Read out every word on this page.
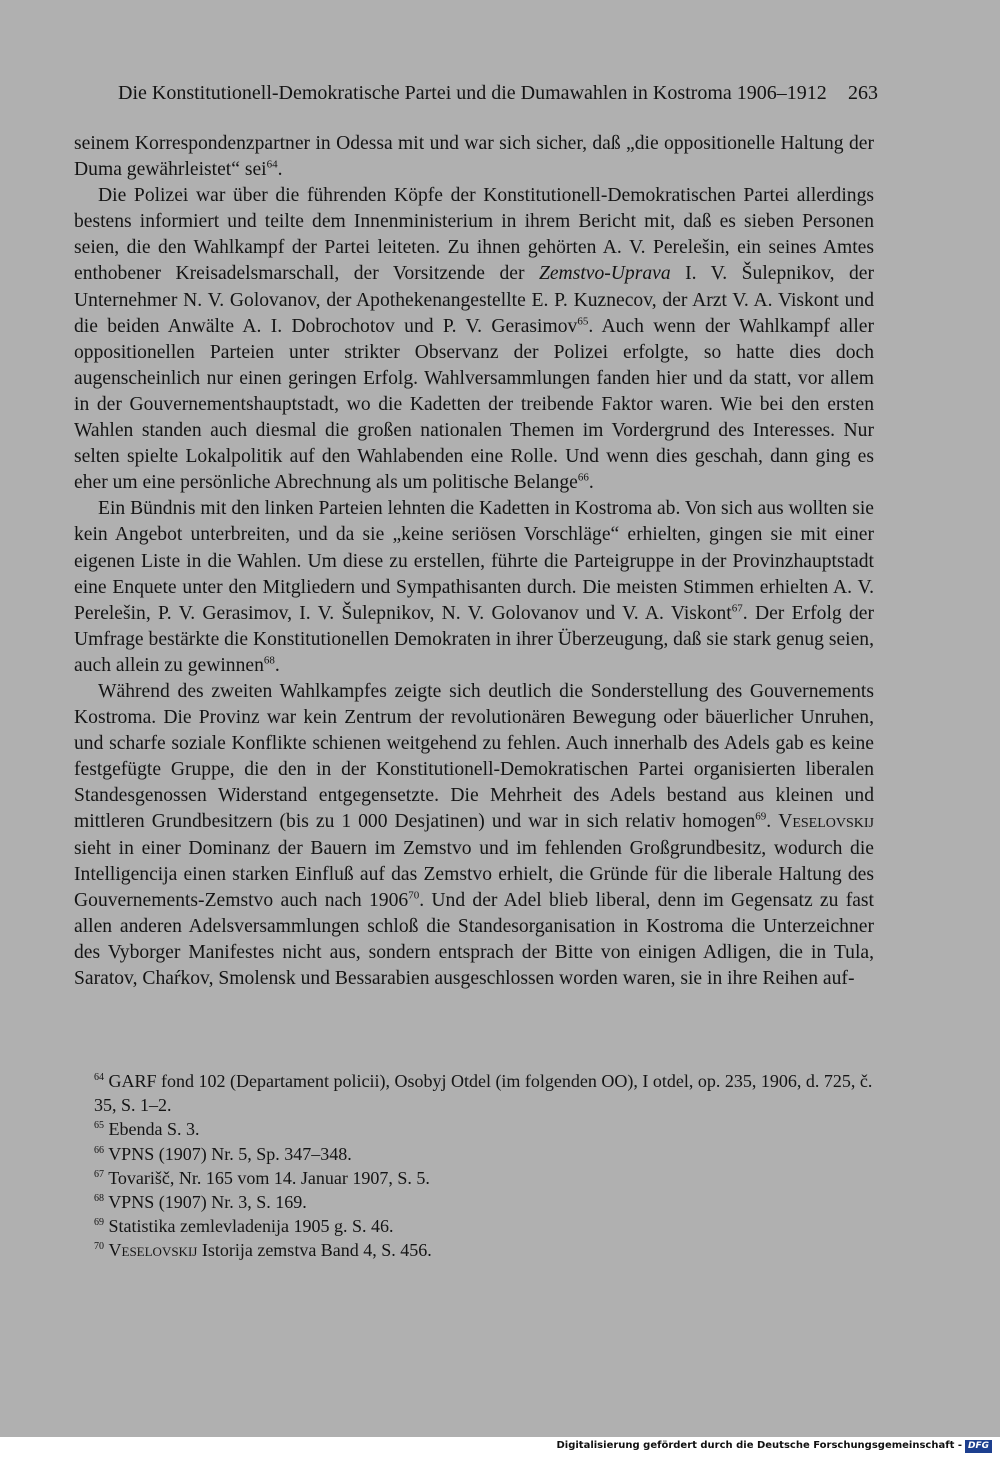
Die Konstitutionell-Demokratische Partei und die Dumawahlen in Kostroma 1906–1912 263

seinem Korrespondenzpartner in Odessa mit und war sich sicher, daß „die oppositionelle Haltung der Duma gewährleistet“ sei$^{64}$.

Die Polizei war über die führenden Köpfe der Konstitutionell-Demokratischen Partei allerdings bestens informiert und teilte dem Innenministerium in ihrem Bericht mit, daß es sieben Personen seien, die den Wahlkampf der Partei leiteten. Zu ihnen gehörten A. V. Perelešin, ein seines Amtes enthobener Kreisadelsmarschall, der Vorsitzende der Zemstvo-Uprava I. V. Šulepnikov, der Unternehmer N. V. Golovanov, der Apothekenangestellte E. P. Kuznecov, der Arzt V. A. Viskont und die beiden Anwälte A. I. Dobrochotov und P. V. Gerasimov$^{65}$. Auch wenn der Wahlkampf aller oppositionellen Parteien unter strikter Observanz der Polizei erfolgte, so hatte dies doch augenscheinlich nur einen geringen Erfolg. Wahlversammlungen fanden hier und da statt, vor allem in der Gouvernementshauptstadt, wo die Kadetten der treibende Faktor waren. Wie bei den ersten Wahlen standen auch diesmal die großen nationalen Themen im Vordergrund des Interesses. Nur selten spielte Lokalpolitik auf den Wahlabenden eine Rolle. Und wenn dies geschah, dann ging es eher um eine persönliche Abrechnung als um politische Belange$^{66}$.

Ein Bündnis mit den linken Parteien lehnten die Kadetten in Kostroma ab. Von sich aus wollten sie kein Angebot unterbreiten, und da sie „keine seriösen Vorschläge“ erhielten, gingen sie mit einer eigenen Liste in die Wahlen. Um diese zu erstellen, führte die Parteigruppe in der Provinzhauptstadt eine Enquete unter den Mitgliedern und Sympathisanten durch. Die meisten Stimmen erhielten A. V. Perelešin, P. V. Gerasimov, I. V. Šulepnikov, N. V. Golovanov und V. A. Viskont$^{67}$. Der Erfolg der Umfrage bestärkte die Konstitutionellen Demokraten in ihrer Überzeugung, daß sie stark genug seien, auch allein zu gewinnen$^{68}$.

Während des zweiten Wahlkampfes zeigte sich deutlich die Sonderstellung des Gouvernements Kostroma. Die Provinz war kein Zentrum der revolutionären Bewegung oder bäuerlicher Unruhen, und scharfe soziale Konflikte schienen weitgehend zu fehlen. Auch innerhalb des Adels gab es keine festgefügte Gruppe, die den in der Konstitutionell-Demokratischen Partei organisierten liberalen Standesgenossen Widerstand entgegensetzte. Die Mehrheit des Adels bestand aus kleinen und mittleren Grundbesitzern (bis zu 1 000 Desjatinen) und war in sich relativ homogen$^{69}$. Veselovskij sieht in einer Dominanz der Bauern im Zemstvo und im fehlenden Großgrundbesitz, wodurch die Intelligencija einen starken Einfluß auf das Zemstvo erhielt, die Gründe für die liberale Haltung des Gouvernements-Zemstvo auch nach 1906$^{70}$. Und der Adel blieb liberal, denn im Gegensatz zu fast allen anderen Adelsversammlungen schloß die Standesorganisation in Kostroma die Unterzeichner des Vyborger Manifestes nicht aus, sondern entsprach der Bitte von einigen Adligen, die in Tula, Saratov, Chaŕkov, Smolensk und Bessarabien ausgeschlossen worden waren, sie in ihre Reihen auf-

$^{64}$ GARF fond 102 (Departament policii), Osobyj Otdel (im folgenden OO), I otdel, op. 235, 1906, d. 725, č. 35, S. 1–2.
$^{65}$ Ebenda S. 3.
$^{66}$ VPNS (1907) Nr. 5, Sp. 347–348.
$^{67}$ Tovarišč, Nr. 165 vom 14. Januar 1907, S. 5.
$^{68}$ VPNS (1907) Nr. 3, S. 169.
$^{69}$ Statistika zemlevladenija 1905 g. S. 46.
$^{70}$ Veselovskij Istorija zemstva Band 4, S. 456.
Digitalisierung gefördert durch die Deutsche Forschungsgemeinschaft - DFG
